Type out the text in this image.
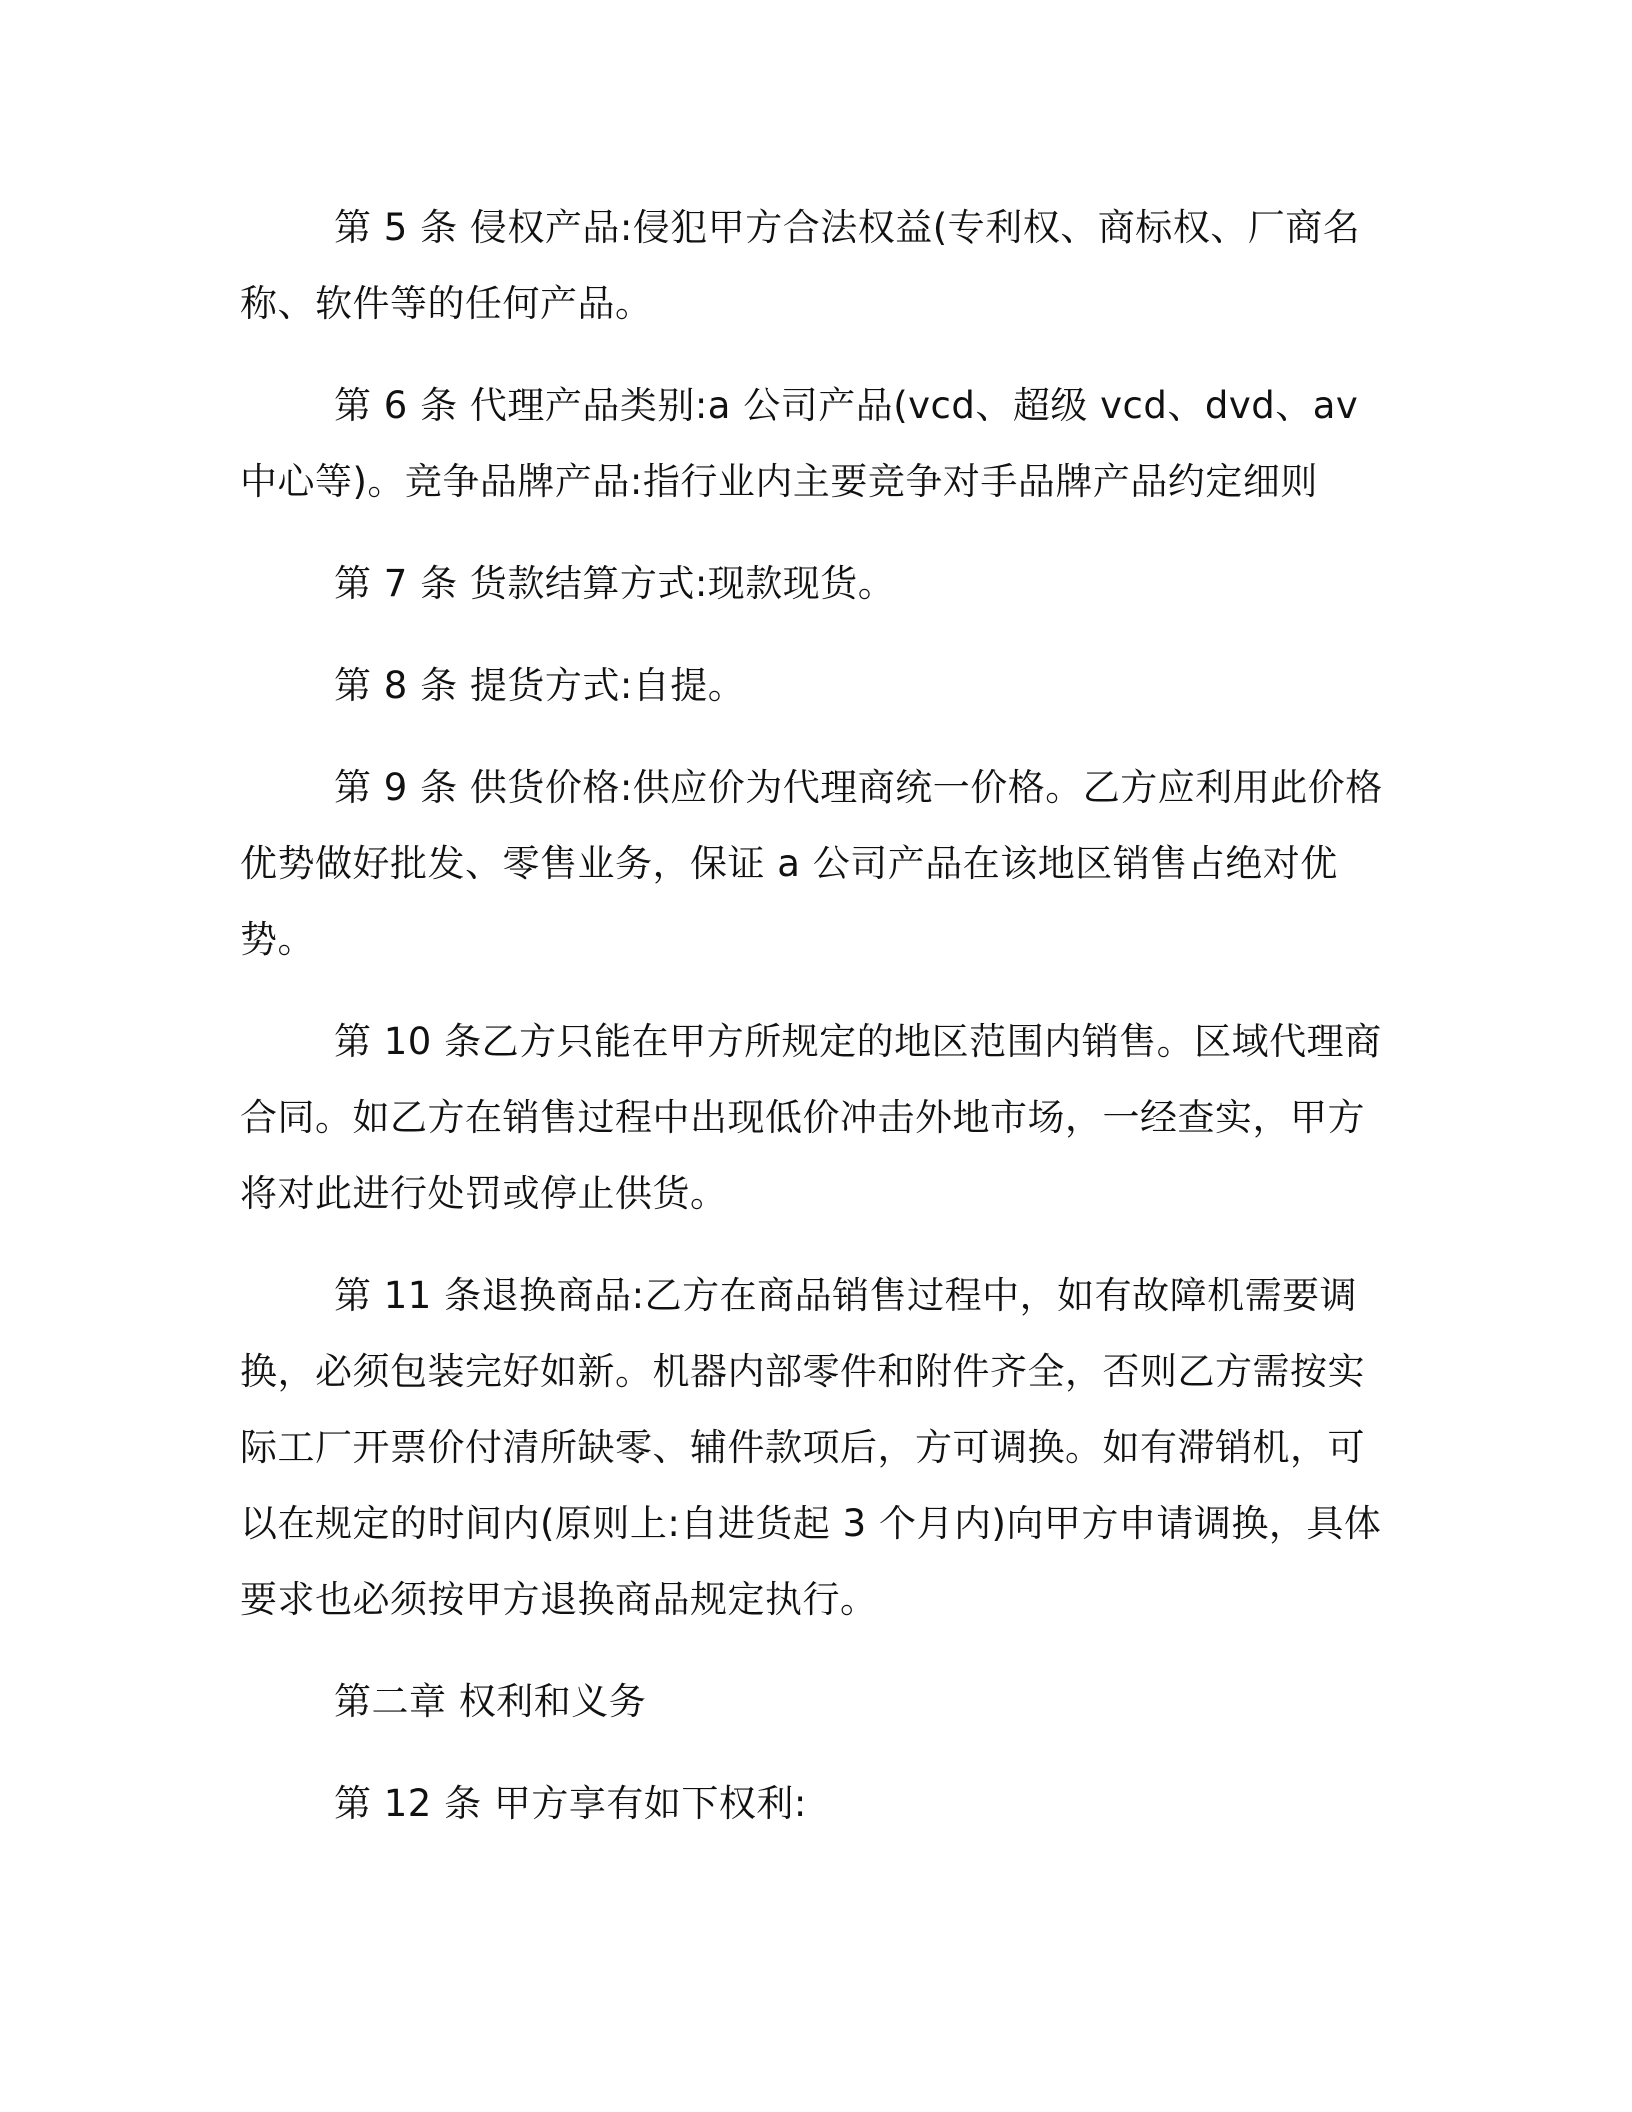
第 5 条 侵权产品:侵犯甲方合法权益(专利权、商标权、厂商名称、软件等的任何产品。

第 6 条 代理产品类别:a 公司产品(vcd、超级 vcd、dvd、av 中心等)。竞争品牌产品:指行业内主要竞争对手品牌产品约定细则

第 7 条 货款结算方式:现款现货。

第 8 条 提货方式:自提。

第 9 条 供货价格:供应价为代理商统一价格。乙方应利用此价格优势做好批发、零售业务，保证 a 公司产品在该地区销售占绝对优势。

第 10 条乙方只能在甲方所规定的地区范围内销售。区域代理商合同。如乙方在销售过程中出现低价冲击外地市场，一经查实，甲方将对此进行处罚或停止供货。

第 11 条退换商品:乙方在商品销售过程中，如有故障机需要调换，必须包装完好如新。机器内部零件和附件齐全，否则乙方需按实际工厂开票价付清所缺零、辅件款项后，方可调换。如有滞销机，可以在规定的时间内(原则上:自进货起 3 个月内)向甲方申请调换，具体要求也必须按甲方退换商品规定执行。

第二章 权利和义务

第 12 条 甲方享有如下权利:
